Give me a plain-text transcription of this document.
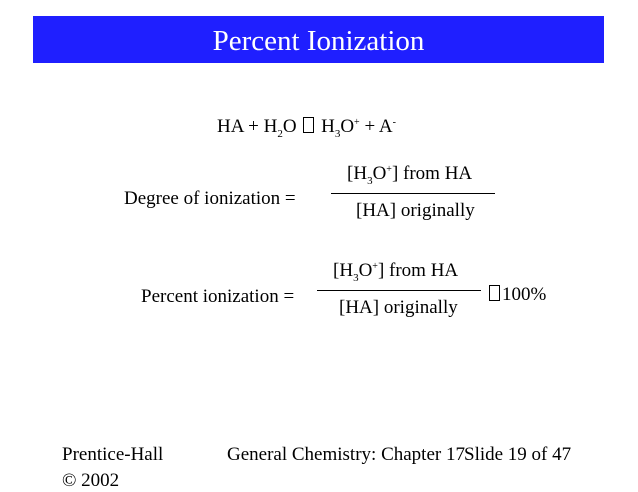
Percent Ionization
HA + $H_2O$ $H_3O^+ + A^-$
Degree of ionization =
$[H_3O^+]$ from HA
[HA] originally
Percent ionization =
$[H_3O^+]$ from HA
[HA] originally
100%
Prentice-Hall
© 2002
General Chemistry: Chapter 17 Slide 19 of 47
